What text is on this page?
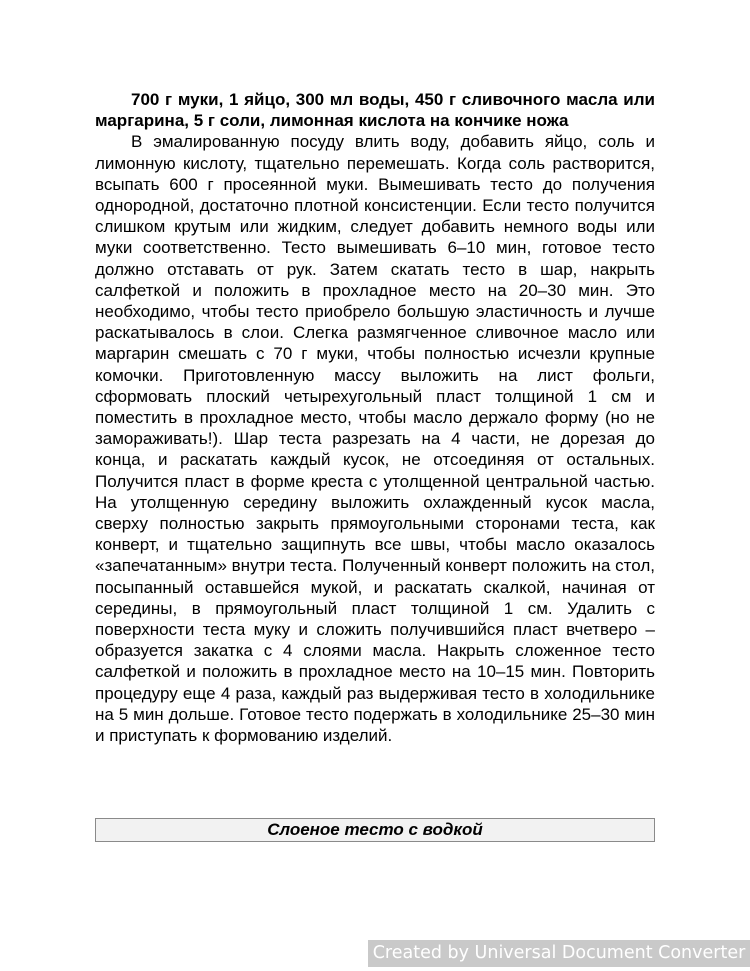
700 г муки, 1 яйцо, 300 мл воды, 450 г сливочного масла или маргарина, 5 г соли, лимонная кислота на кончике ножа

В эмалированную посуду влить воду, добавить яйцо, соль и лимонную кислоту, тщательно перемешать. Когда соль растворится, всыпать 600 г просеянной муки. Вымешивать тесто до получения однородной, достаточно плотной консистенции. Если тесто получится слишком крутым или жидким, следует добавить немного воды или муки соответственно. Тесто вымешивать 6–10 мин, готовое тесто должно отставать от рук. Затем скатать тесто в шар, накрыть салфеткой и положить в прохладное место на 20–30 мин. Это необходимо, чтобы тесто приобрело большую эластичность и лучше раскатывалось в слои. Слегка размягченное сливочное масло или маргарин смешать с 70 г муки, чтобы полностью исчезли крупные комочки. Приготовленную массу выложить на лист фольги, сформовать плоский четырехугольный пласт толщиной 1 см и поместить в прохладное место, чтобы масло держало форму (но не замораживать!). Шар теста разрезать на 4 части, не дорезая до конца, и раскатать каждый кусок, не отсоединяя от остальных. Получится пласт в форме креста с утолщенной центральной частью. На утолщенную середину выложить охлажденный кусок масла, сверху полностью закрыть прямоугольными сторонами теста, как конверт, и тщательно защипнуть все швы, чтобы масло оказалось «запечатанным» внутри теста. Полученный конверт положить на стол, посыпанный оставшейся мукой, и раскатать скалкой, начиная от середины, в прямоугольный пласт толщиной 1 см. Удалить с поверхности теста муку и сложить получившийся пласт вчетверо – образуется закатка с 4 слоями масла. Накрыть сложенное тесто салфеткой и положить в прохладное место на 10–15 мин. Повторить процедуру еще 4 раза, каждый раз выдерживая тесто в холодильнике на 5 мин дольше. Готовое тесто подержать в холодильнике 25–30 мин и приступать к формованию изделий.

Слоеное тесто с водкой
Created by Universal Document Converter
